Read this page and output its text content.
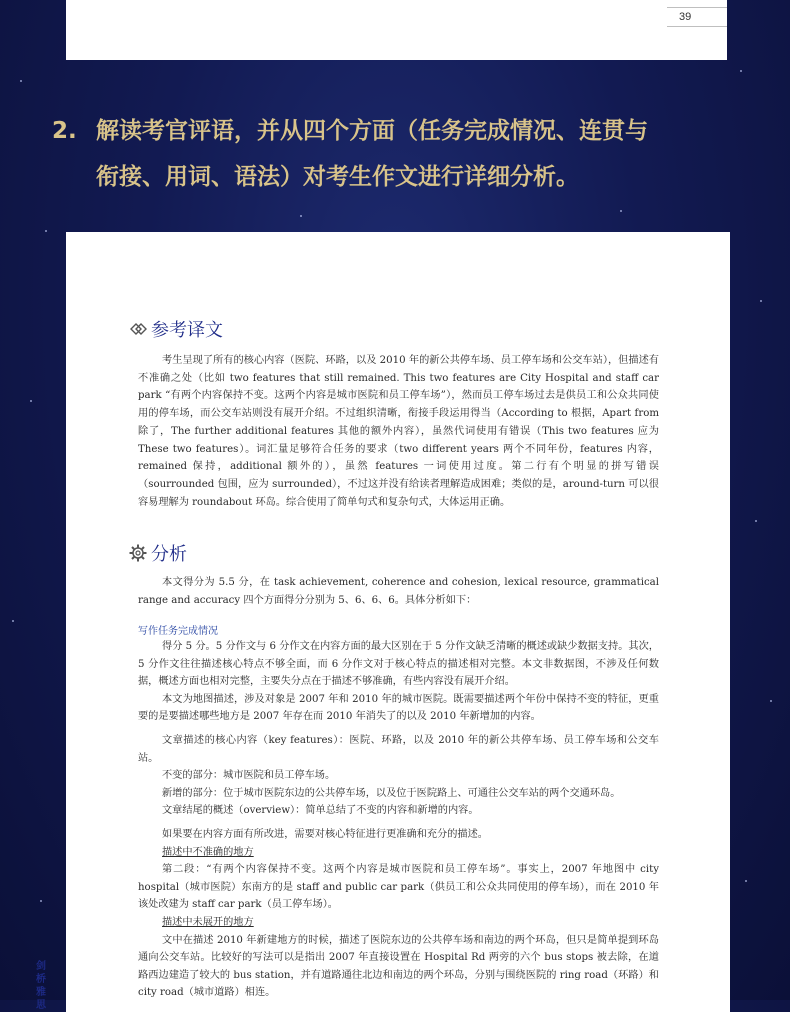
39
2. 解读考官评语，并从四个方面（任务完成情况、连贯与
衔接、用词、语法）对考生作文进行详细分析。
参考译文

考生呈现了所有的核心内容（医院、环路，以及 2010 年的新公共停车场、员工停车场和公交车站），但描述有不准确之处（比如 two features that still remained. This two features are City Hospital and staff car park “有两个内容保持不变。这两个内容是城市医院和员工停车场”），然而员工停车场过去是供员工和公众共同使用的停车场，而公交车站则没有展开介绍。不过组织清晰，衔接手段运用得当（According to 根据，Apart from 除了，The further additional features 其他的额外内容），虽然代词使用有错误（This two features 应为 These two features）。词汇量足够符合任务的要求（two different years 两个不同年份，features 内容，remained 保持，additional 额外的），虽然 features 一词使用过度。第二行有个明显的拼写错误（sourrounded 包围，应为 surrounded），不过这并没有给读者理解造成困难；类似的是，around-turn 可以很容易理解为 roundabout 环岛。综合使用了简单句式和复杂句式，大体运用正确。

分析

本文得分为 5.5 分，在 task achievement, coherence and cohesion, lexical resource, grammatical range and accuracy 四个方面得分分别为 5、6、6、6。具体分析如下：

写作任务完成情况

得分 5 分。5 分作文与 6 分作文在内容方面的最大区别在于 5 分作文缺乏清晰的概述或缺少数据支持。其次，5 分作文往往描述核心特点不够全面，而 6 分作文对于核心特点的描述相对完整。本文非数据图，不涉及任何数据，概述方面也相对完整，主要失分点在于描述不够准确，有些内容没有展开介绍。

本文为地图描述，涉及对象是 2007 年和 2010 年的城市医院。既需要描述两个年份中保持不变的特征，更重要的是要描述哪些地方是 2007 年存在而 2010 年消失了的以及 2010 年新增加的内容。

文章描述的核心内容（key features）：医院、环路，以及 2010 年的新公共停车场、员工停车场和公交车站。

不变的部分：城市医院和员工停车场。

新增的部分：位于城市医院东边的公共停车场，以及位于医院路上、可通往公交车站的两个交通环岛。

文章结尾的概述（overview）：简单总结了不变的内容和新增的内容。

如果要在内容方面有所改进，需要对核心特征进行更准确和充分的描述。

描述中不准确的地方

第二段：“有两个内容保持不变。这两个内容是城市医院和员工停车场”。事实上，2007 年地图中 city hospital（城市医院）东南方的是 staff and public car park（供员工和公众共同使用的停车场），而在 2010 年该处改建为 staff car park（员工停车场）。

描述中未展开的地方

文中在描述 2010 年新建地方的时候，描述了医院东边的公共停车场和南边的两个环岛，但只是简单提到环岛通向公交车站。比较好的写法可以是指出 2007 年直接设置在 Hospital Rd 两旁的六个 bus stops 被去除，在道路西边建造了较大的 bus station，并有道路通往北边和南边的两个环岛，分别与围绕医院的 ring road（环路）和 city road（城市道路）相连。

剑桥雅思
